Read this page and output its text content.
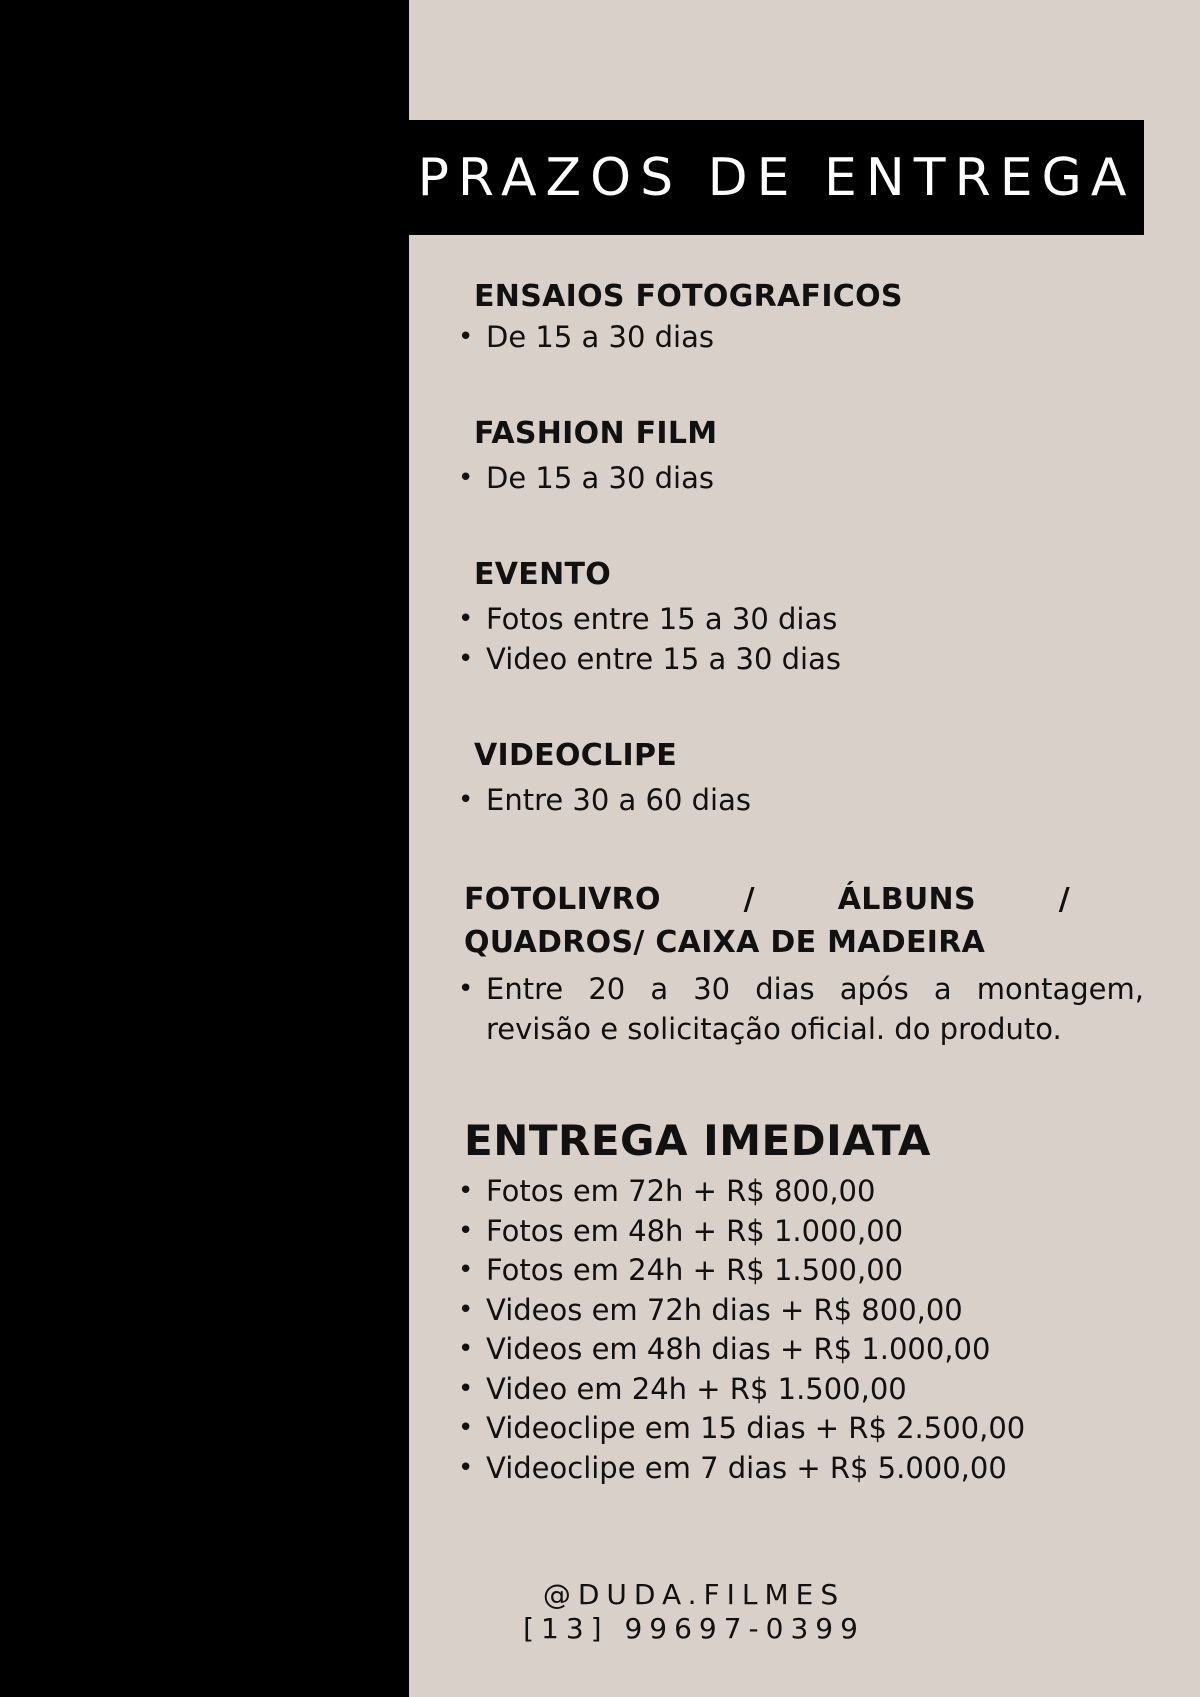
PRAZOS DE ENTREGA
ENSAIOS FOTOGRAFICOS
• De 15 a 30 dias
FASHION FILM
• De 15 a 30 dias
EVENTO
• Fotos entre 15 a 30 dias
• Video entre 15 a 30 dias
VIDEOCLIPE
• Entre 30 a 60 dias
FOTOLIVRO / ÁLBUNS /
QUADROS/ CAIXA DE MADEIRA
• Entre 20 a 30 dias após a montagem, revisão e solicitação oficial. do produto.
ENTREGA IMEDIATA
• Fotos em 72h + R$ 800,00
• Fotos em 48h + R$ 1.000,00
• Fotos em 24h + R$ 1.500,00
• Videos em 72h dias + R$ 800,00
• Videos em 48h dias + R$ 1.000,00
• Video em 24h + R$ 1.500,00
• Videoclipe em 15 dias + R$ 2.500,00
• Videoclipe em 7 dias + R$ 5.000,00
@DUDA.FILMES
[13] 99697-0399
